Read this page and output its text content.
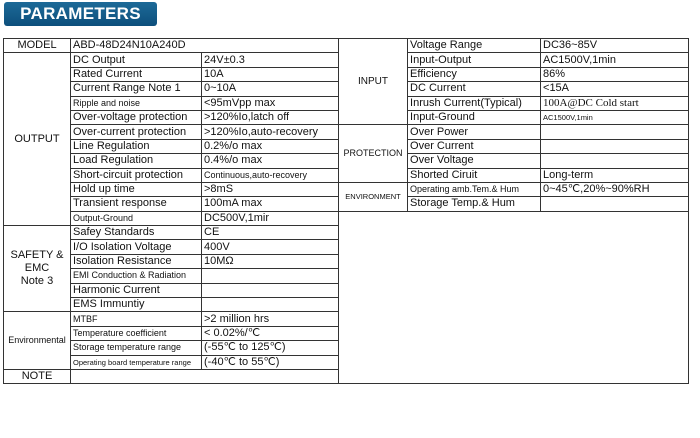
PARAMETERS
MODEL	ABD-48D24N10A240D		INPUT	Voltage Range	DC36~85V
OUTPUT	DC Output	24V±0.3		Input-Output	AC1500V,1min
	Rated Current	10A		Efficiency	86%
	Current Range Note 1	0~10A		DC Current	<15A
	Ripple and noise	<95mVpp max		Inrush Current(Typical)	100A@DC Cold start
	Over-voltage protection	>120%Io,latch off		Input-Ground	AC1500V,1min
	Over-current protection	>120%Io,auto-recovery	PROTECTION	Over Power	
	Line Regulation	0.2%/o max		Over Current	
	Load Regulation	0.4%/o max		Over Voltage	
	Short-circuit protection	Continuous,auto-recovery		Shorted Ciruit	Long-term
	Hold up time	>8mS	ENVIRONMENT	Operating amb.Tem.& Hum	0~45℃,20%~90%RH
	Transient response	100mA max		Storage Temp.& Hum	
	Output-Ground	DC500V,1mir			
SAFETY &
EMC
Note 3	Safey Standards	CE			
	I/O Isolation Voltage	400V			
	Isolation Resistance	10MΩ			
	EMI Conduction & Radiation				
	Harmonic Current				
	EMS Immuntiy				
Environmental	MTBF	>2 million hrs			
	Temperature coefficient	< 0.02%/℃			
	Storage temperature range	(-55℃ to 125℃)			
	Operating board temperature range	(-40℃ to 55℃)			
NOTE					
